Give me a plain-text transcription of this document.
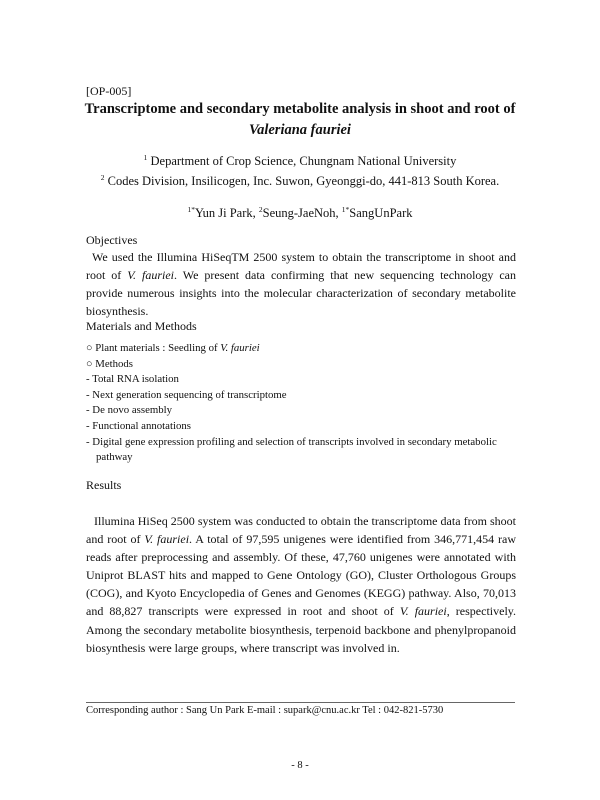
[OP-005]
Transcriptome and secondary metabolite analysis in shoot and root of
Valeriana fauriei
$^1$ Department of Crop Science, Chungnam National University
$^2$ Codes Division, Insilicogen, Inc. Suwon, Gyeonggi-do, 441-813 South Korea.
$^{1*}$Yun Ji Park, $^2$Seung-JaeNoh, $^{1*}$SangUnPark
Objectives
We used the Illumina HiSeqTM 2500 system to obtain the transcriptome in shoot and root of V. fauriei. We present data confirming that new sequencing technology can provide numerous insights into the molecular characterization of secondary metabolite biosynthesis.
Materials and Methods
○ Plant materials : Seedling of V. fauriei
○ Methods
- Total RNA isolation
- Next generation sequencing of transcriptome
- De novo assembly
- Functional annotations
- Digital gene expression profiling and selection of transcripts involved in secondary metabolic pathway
Results
Illumina HiSeq 2500 system was conducted to obtain the transcriptome data from shoot and root of V. fauriei. A total of 97,595 unigenes were identified from 346,771,454 raw reads after preprocessing and assembly. Of these, 47,760 unigenes were annotated with Uniprot BLAST hits and mapped to Gene Ontology (GO), Cluster Orthologous Groups (COG), and Kyoto Encyclopedia of Genes and Genomes (KEGG) pathway. Also, 70,013 and 88,827 transcripts were expressed in root and shoot of V. fauriei, respectively. Among the secondary metabolite biosynthesis, terpenoid backbone and phenylpropanoid biosynthesis were large groups, where transcript was involved in.
Corresponding author : Sang Un Park E-mail : supark@cnu.ac.kr Tel : 042-821-5730
- 8 -
